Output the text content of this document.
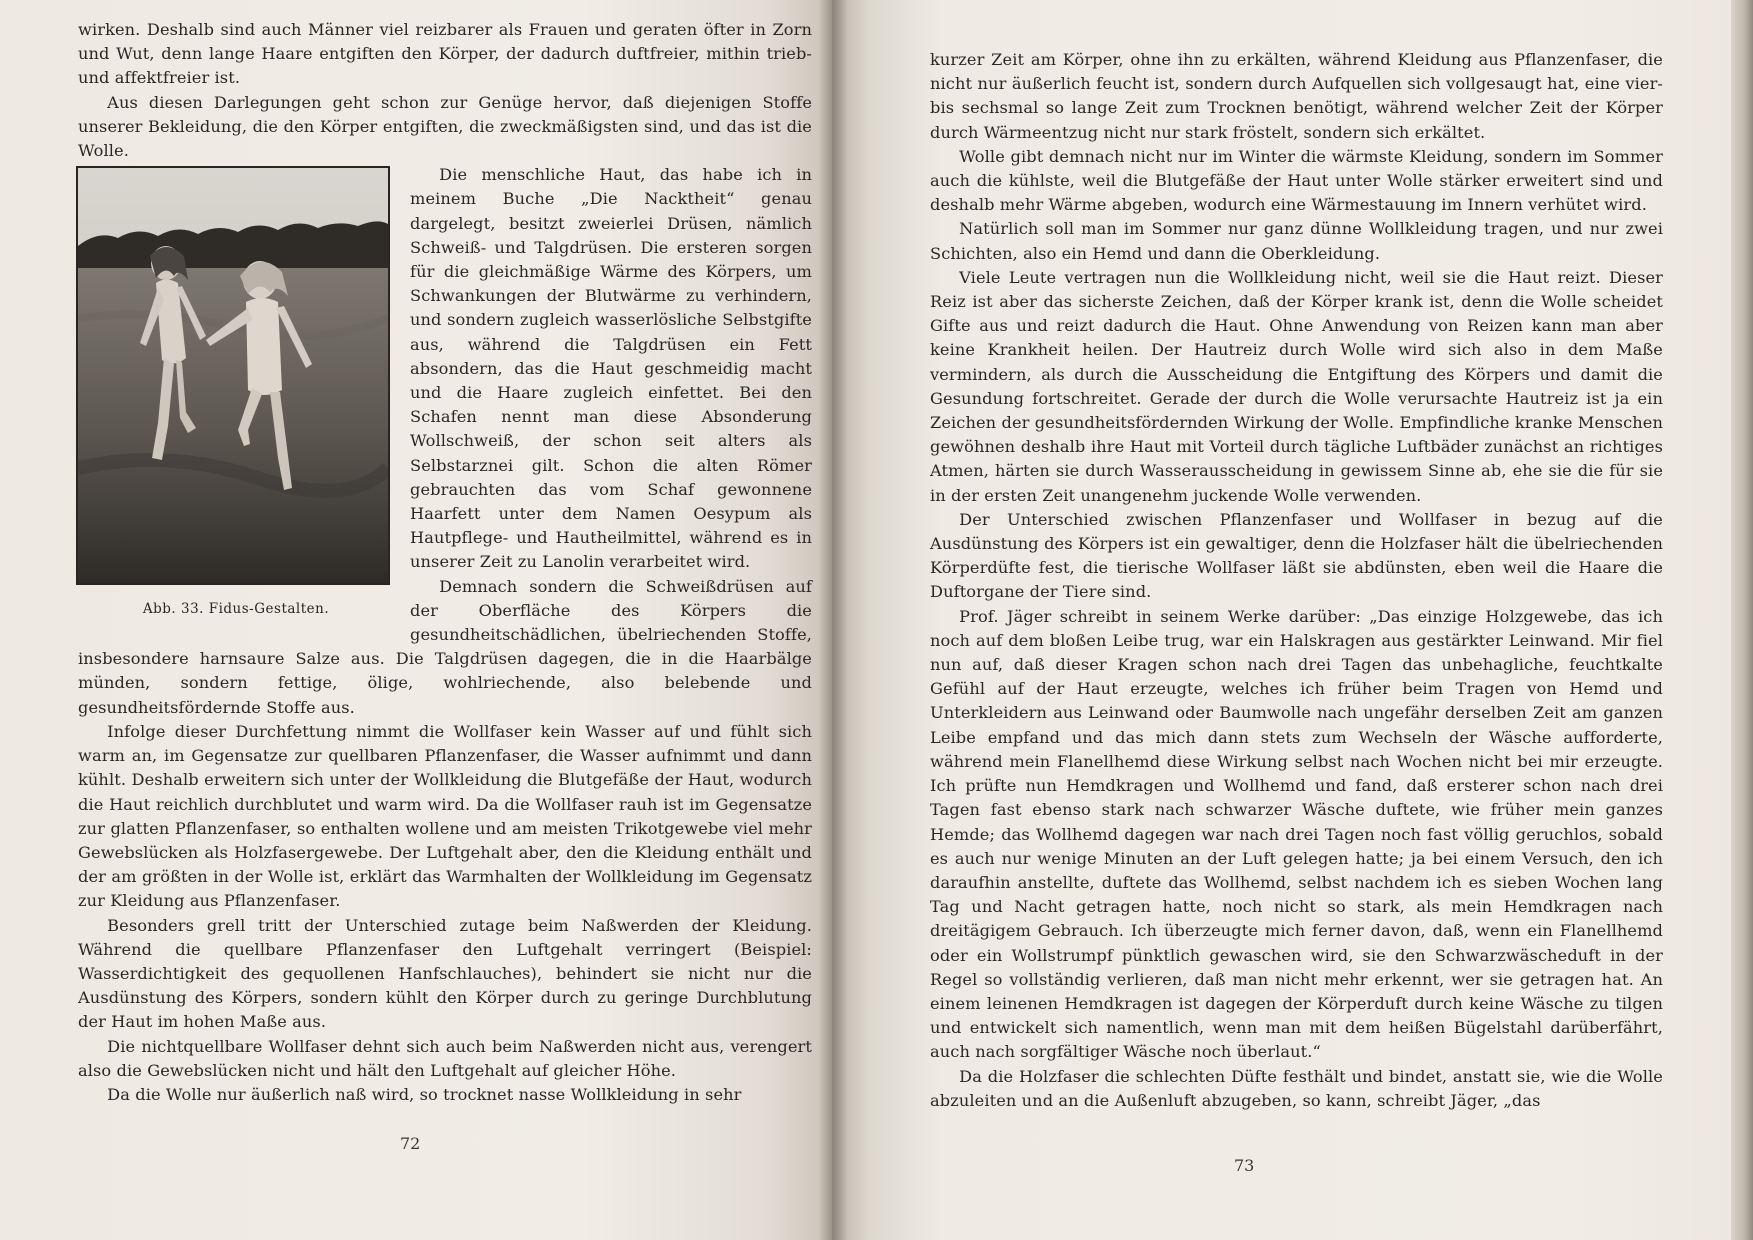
wirken. Deshalb sind auch Männer viel reizbarer als Frauen und geraten öfter in Zorn und Wut, denn lange Haare entgiften den Körper, der dadurch duftfreier, mithin trieb- und affektfreier ist.

Aus diesen Darlegungen geht schon zur Genüge hervor, daß diejenigen Stoffe unserer Bekleidung, die den Körper entgiften, die zweckmäßigsten sind, und das ist die Wolle.

Abb. 33. Fidus-Gestalten.

Die menschliche Haut, das habe ich in meinem Buche „Die Nacktheit“ genau dargelegt, besitzt zweierlei Drüsen, nämlich Schweiß- und Talgdrüsen. Die ersteren sorgen für die gleichmäßige Wärme des Körpers, um Schwankungen der Blutwärme zu verhindern, und sondern zugleich wasserlösliche Selbstgifte aus, während die Talgdrüsen ein Fett absondern, das die Haut geschmeidig macht und die Haare zugleich einfettet. Bei den Schafen nennt man diese Absonderung Wollschweiß, der schon seit alters als Selbstarznei gilt. Schon die alten Römer gebrauchten das vom Schaf gewonnene Haarfett unter dem Namen Oesypum als Hautpflege- und Hautheilmittel, während es in unserer Zeit zu Lanolin verarbeitet wird.

Demnach sondern die Schweißdrüsen auf der Oberfläche des Körpers die gesundheitschädlichen, übelriechenden Stoffe, insbesondere harnsaure Salze aus. Die Talgdrüsen dagegen, die in die Haarbälge münden, sondern fettige, ölige, wohlriechende, also belebende und gesundheitsfördernde Stoffe aus.

Infolge dieser Durchfettung nimmt die Wollfaser kein Wasser auf und fühlt sich warm an, im Gegensatze zur quellbaren Pflanzenfaser, die Wasser aufnimmt und dann kühlt. Deshalb erweitern sich unter der Wollkleidung die Blutgefäße der Haut, wodurch die Haut reichlich durchblutet und warm wird. Da die Wollfaser rauh ist im Gegensatze zur glatten Pflanzenfaser, so enthalten wollene und am meisten Trikotgewebe viel mehr Gewebslücken als Holzfasergewebe. Der Luftgehalt aber, den die Kleidung enthält und der am größten in der Wolle ist, erklärt das Warmhalten der Wollkleidung im Gegensatz zur Kleidung aus Pflanzenfaser.

Besonders grell tritt der Unterschied zutage beim Naßwerden der Kleidung. Während die quellbare Pflanzenfaser den Luftgehalt verringert (Beispiel: Wasserdichtigkeit des gequollenen Hanfschlauches), behindert sie nicht nur die Ausdünstung des Körpers, sondern kühlt den Körper durch zu geringe Durchblutung der Haut im hohen Maße aus.

Die nichtquellbare Wollfaser dehnt sich auch beim Naßwerden nicht aus, verengert also die Gewebslücken nicht und hält den Luftgehalt auf gleicher Höhe.

Da die Wolle nur äußerlich naß wird, so trocknet nasse Wollkleidung in sehr

72

kurzer Zeit am Körper, ohne ihn zu erkälten, während Kleidung aus Pflanzenfaser, die nicht nur äußerlich feucht ist, sondern durch Aufquellen sich vollgesaugt hat, eine vier- bis sechsmal so lange Zeit zum Trocknen benötigt, während welcher Zeit der Körper durch Wärmeentzug nicht nur stark fröstelt, sondern sich erkältet.

Wolle gibt demnach nicht nur im Winter die wärmste Kleidung, sondern im Sommer auch die kühlste, weil die Blutgefäße der Haut unter Wolle stärker erweitert sind und deshalb mehr Wärme abgeben, wodurch eine Wärmestauung im Innern verhütet wird.

Natürlich soll man im Sommer nur ganz dünne Wollkleidung tragen, und nur zwei Schichten, also ein Hemd und dann die Oberkleidung.

Viele Leute vertragen nun die Wollkleidung nicht, weil sie die Haut reizt. Dieser Reiz ist aber das sicherste Zeichen, daß der Körper krank ist, denn die Wolle scheidet Gifte aus und reizt dadurch die Haut. Ohne Anwendung von Reizen kann man aber keine Krankheit heilen. Der Hautreiz durch Wolle wird sich also in dem Maße vermindern, als durch die Ausscheidung die Entgiftung des Körpers und damit die Gesundung fortschreitet. Gerade der durch die Wolle verursachte Hautreiz ist ja ein Zeichen der gesundheitsfördernden Wirkung der Wolle. Empfindliche kranke Menschen gewöhnen deshalb ihre Haut mit Vorteil durch tägliche Luftbäder zunächst an richtiges Atmen, härten sie durch Wasserausscheidung in gewissem Sinne ab, ehe sie die für sie in der ersten Zeit unangenehm juckende Wolle verwenden.

Der Unterschied zwischen Pflanzenfaser und Wollfaser in bezug auf die Ausdünstung des Körpers ist ein gewaltiger, denn die Holzfaser hält die übelriechenden Körperdüfte fest, die tierische Wollfaser läßt sie abdünsten, eben weil die Haare die Duftorgane der Tiere sind.

Prof. Jäger schreibt in seinem Werke darüber: „Das einzige Holzgewebe, das ich noch auf dem bloßen Leibe trug, war ein Halskragen aus gestärkter Leinwand. Mir fiel nun auf, daß dieser Kragen schon nach drei Tagen das unbehagliche, feuchtkalte Gefühl auf der Haut erzeugte, welches ich früher beim Tragen von Hemd und Unterkleidern aus Leinwand oder Baumwolle nach ungefähr derselben Zeit am ganzen Leibe empfand und das mich dann stets zum Wechseln der Wäsche aufforderte, während mein Flanellhemd diese Wirkung selbst nach Wochen nicht bei mir erzeugte. Ich prüfte nun Hemdkragen und Wollhemd und fand, daß ersterer schon nach drei Tagen fast ebenso stark nach schwarzer Wäsche duftete, wie früher mein ganzes Hemde; das Wollhemd dagegen war nach drei Tagen noch fast völlig geruchlos, sobald es auch nur wenige Minuten an der Luft gelegen hatte; ja bei einem Versuch, den ich daraufhin anstellte, duftete das Wollhemd, selbst nachdem ich es sieben Wochen lang Tag und Nacht getragen hatte, noch nicht so stark, als mein Hemdkragen nach dreitägigem Gebrauch. Ich überzeugte mich ferner davon, daß, wenn ein Flanellhemd oder ein Wollstrumpf pünktlich gewaschen wird, sie den Schwarzwäscheduft in der Regel so vollständig verlieren, daß man nicht mehr erkennt, wer sie getragen hat. An einem leinenen Hemdkragen ist dagegen der Körperduft durch keine Wäsche zu tilgen und entwickelt sich namentlich, wenn man mit dem heißen Bügelstahl darüberfährt, auch nach sorgfältiger Wäsche noch überlaut.“

Da die Holzfaser die schlechten Düfte festhält und bindet, anstatt sie, wie die Wolle abzuleiten und an die Außenluft abzugeben, so kann, schreibt Jäger, „das

73
